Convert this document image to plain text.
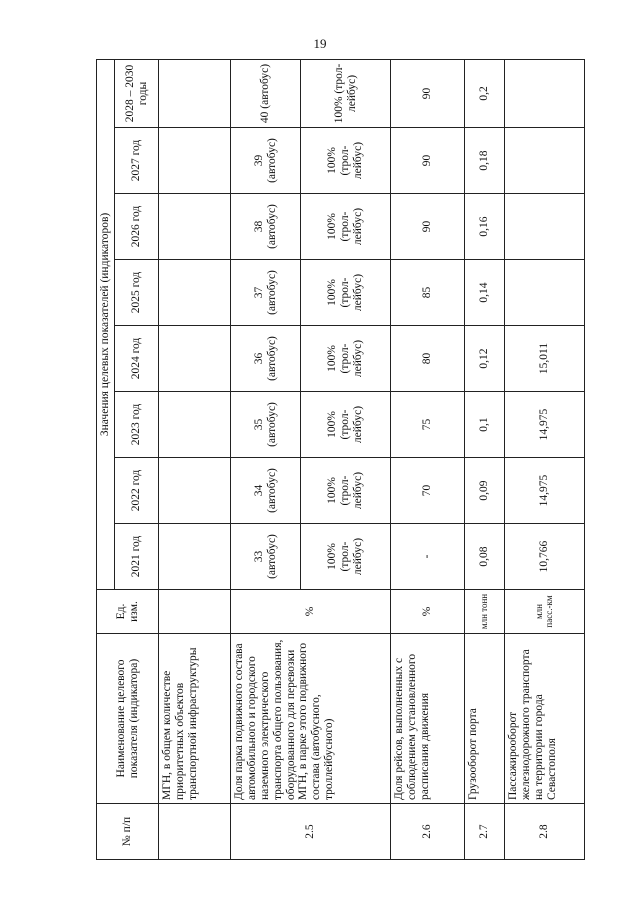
19
№ п/п	Наименование целевого показателя (индикатора)	Ед. изм.	Значения целевых показателей (индикаторов)							
			2021 год	2022 год	2023 год	2024 год	2025 год	2026 год	2027 год	2028 – 2030 годы
	МГН, в общем количестве приоритетных объектов транспортной инфраструктуры									
2.5	Доля парка подвижного состава автомобильного и городского наземного электрического транспорта общего пользования, оборудованного для перевозки МГН, в парке этого подвижного состава (автобусного, троллейбусного)	%	33 (автобус)	34 (автобус)	35 (автобус)	36 (автобус)	37 (автобус)	38 (автобус)	39 (автобус)	40 (автобус)
			100% (трол-лейбус)	100% (трол-лейбус)	100% (трол-лейбус)	100% (трол-лейбус)	100% (трол-лейбус)	100% (трол-лейбус)	100% (трол-лейбус)	100% (трол-лейбус)
2.6	Доля рейсов, выполненных с соблюдением установленного расписания движения	%	-	70	75	80	85	90	90	90
2.7	Грузооборот порта	млн тонн	0,08	0,09	0,1	0,12	0,14	0,16	0,18	0,2
2.8	Пассажирооборот железнодорожного транспорта на территории города Севастополя	млн пасс.-км	10,766	14,975	14,975	15,011				
